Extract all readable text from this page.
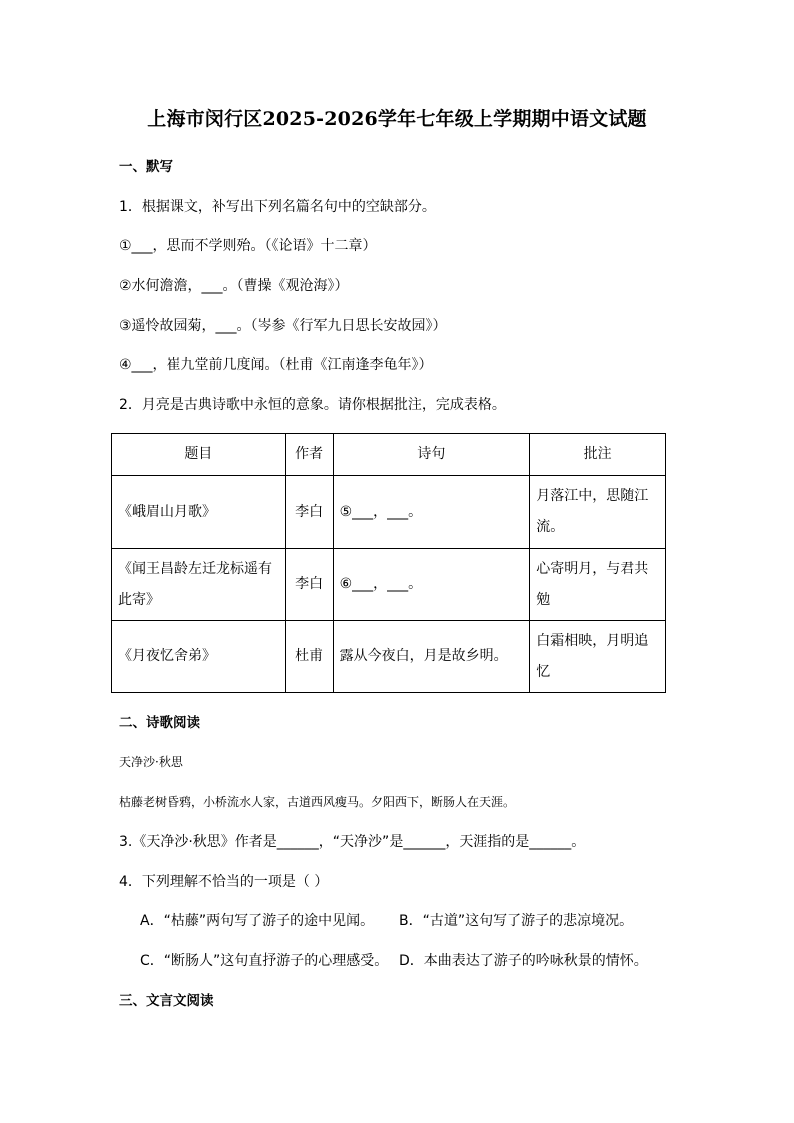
上海市闵行区2025-2026学年七年级上学期期中语文试题
一、默写
1．根据课文，补写出下列名篇名句中的空缺部分。
①___，思而不学则殆。（《论语》十二章）
②水何澹澹，___。（曹操《观沧海》）
③遥怜故园菊，___。（岑参《行军九日思长安故园》）
④___，崔九堂前几度闻。（杜甫《江南逢李龟年》）
2．月亮是古典诗歌中永恒的意象。请你根据批注，完成表格。
题目	作者	诗句	批注
《峨眉山月歌》	李白	⑤___，___。	月落江中，思随江流。
《闻王昌龄左迁龙标遥有此寄》	李白	⑥___，___。	心寄明月，与君共勉
《月夜忆舍弟》	杜甫	露从今夜白，月是故乡明。	白霜相映，月明追忆
二、诗歌阅读
天净沙·秋思
枯藤老树昏鸦，小桥流水人家，古道西风瘦马。夕阳西下，断肠人在天涯。
3.《天净沙·秋思》作者是______，“天净沙”是______，天涯指的是______。
4．下列理解不恰当的一项是（ ）
A．“枯藤”两句写了游子的途中见闻。 B．“古道”这句写了游子的悲凉境况。
C．“断肠人”这句直抒游子的心理感受。 D．本曲表达了游子的吟咏秋景的情怀。
三、文言文阅读
